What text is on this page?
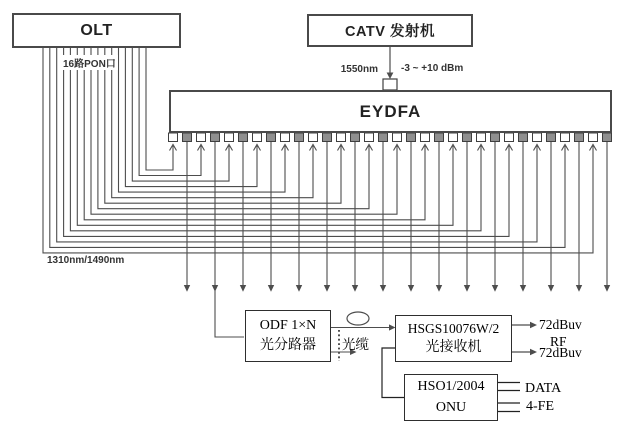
OLT	CATV 发射机
EYDFA
ODF 1×N
光分路器
HSGS10076W/2
光接收机
HSO1/2004
ONU
16路PON口	1550nm -3 ~ +10 dBm
1310nm/1490nm
光缆
72dBuv
RF
72dBuv
DATA
4-FE
